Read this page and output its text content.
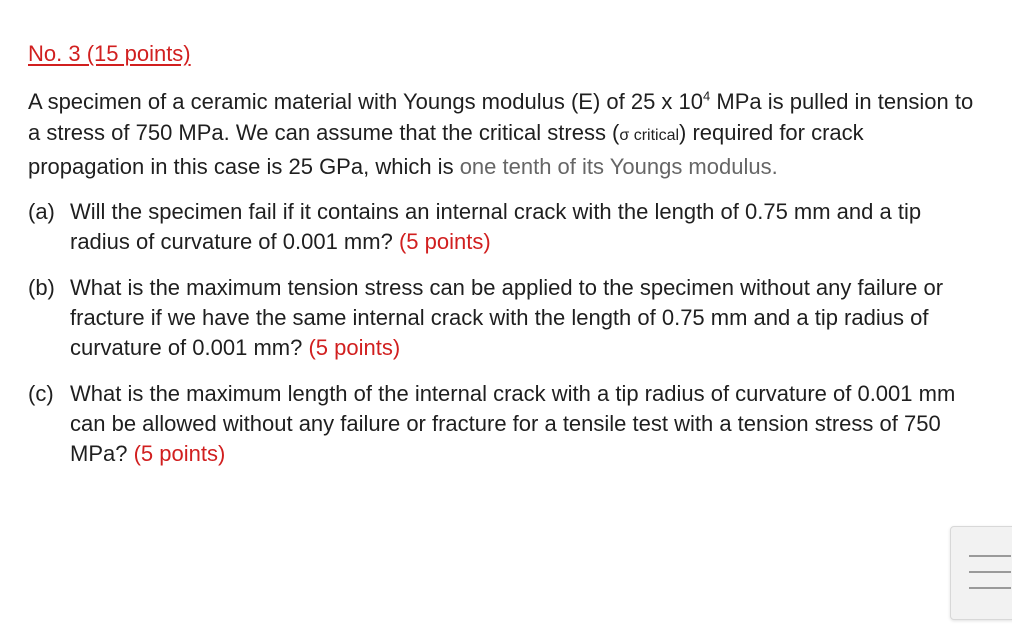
No. 3 (15 points)

A specimen of a ceramic material with Youngs modulus (E) of 25 x $10^4$ MPa is pulled in tension to a stress of 750 MPa. We can assume that the critical stress (σ critical) required for crack propagation in this case is 25 GPa, which is one tenth of its Youngs modulus.

(a) Will the specimen fail if it contains an internal crack with the length of 0.75 mm and a tip radius of curvature of 0.001 mm? (5 points)
(b) What is the maximum tension stress can be applied to the specimen without any failure or fracture if we have the same internal crack with the length of 0.75 mm and a tip radius of curvature of 0.001 mm? (5 points)
(c) What is the maximum length of the internal crack with a tip radius of curvature of 0.001 mm can be allowed without any failure or fracture for a tensile test with a tension stress of 750 MPa? (5 points)
